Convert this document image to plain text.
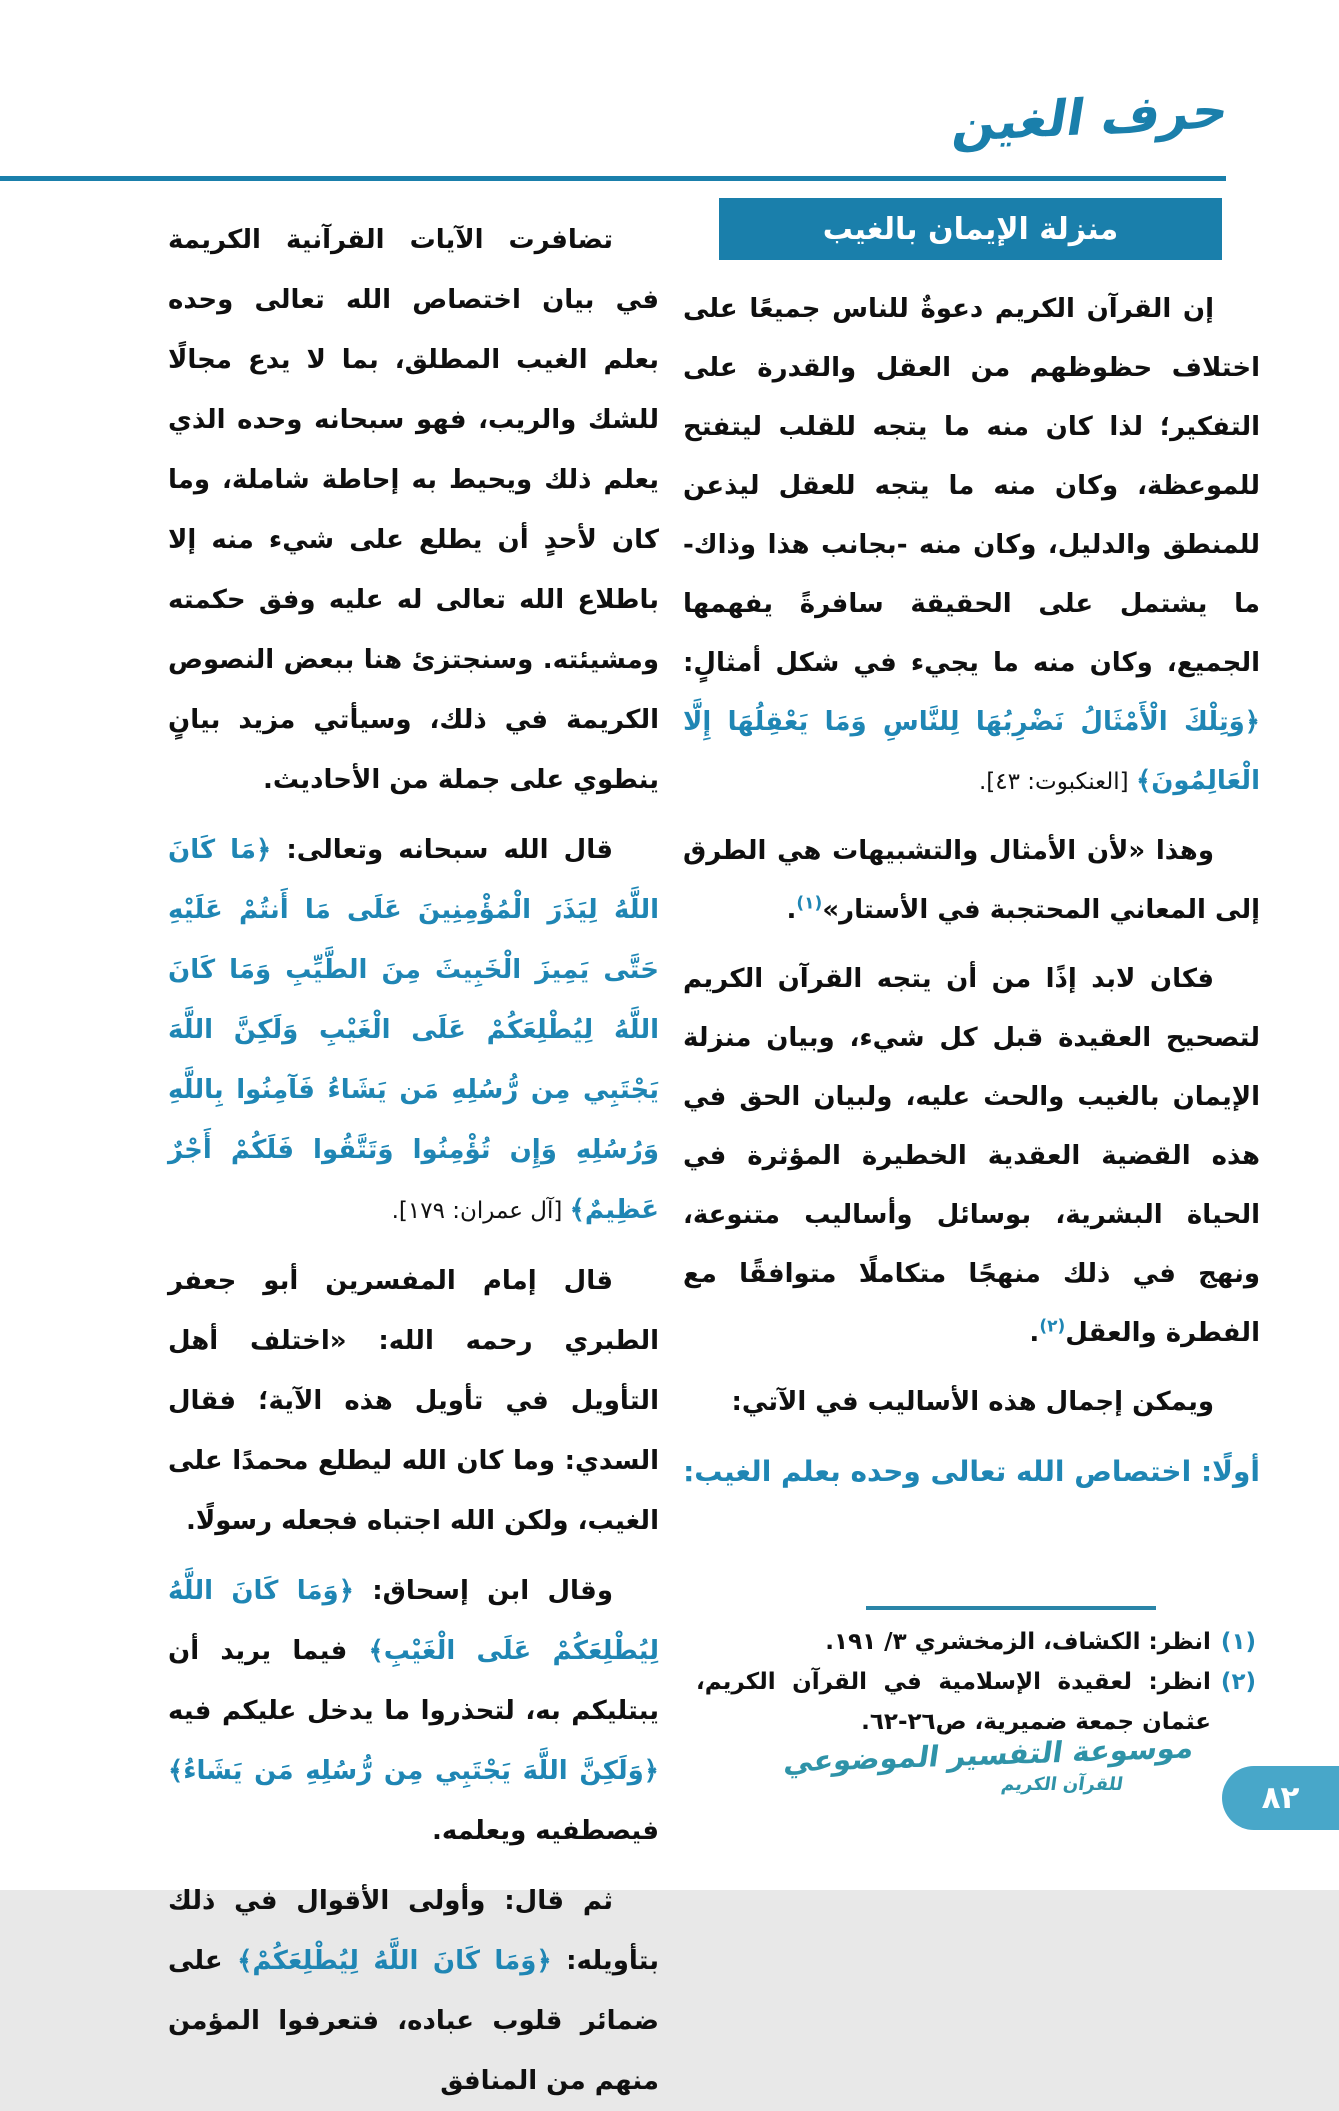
حرف الغين
منزلة الإيمان بالغيب

إن القرآن الكريم دعوةٌ للناس جميعًا على اختلاف حظوظهم من العقل والقدرة على التفكير؛ لذا كان منه ما يتجه للقلب ليتفتح للموعظة، وكان منه ما يتجه للعقل ليذعن للمنطق والدليل، وكان منه -بجانب هذا وذاك- ما يشتمل على الحقيقة سافرةً يفهمها الجميع، وكان منه ما يجيء في شكل أمثالٍ: ﴿وَتِلْكَ الْأَمْثَالُ نَضْرِبُهَا لِلنَّاسِ وَمَا يَعْقِلُهَا إِلَّا الْعَالِمُونَ﴾ [العنكبوت: ٤٣].

وهذا «لأن الأمثال والتشبيهات هي الطرق إلى المعاني المحتجبة في الأستار»$^{(١)}$.

فكان لابد إذًا من أن يتجه القرآن الكريم لتصحيح العقيدة قبل كل شيء، وبيان منزلة الإيمان بالغيب والحث عليه، ولبيان الحق في هذه القضية العقدية الخطيرة المؤثرة في الحياة البشرية، بوسائل وأساليب متنوعة، ونهج في ذلك منهجًا متكاملًا متوافقًا مع الفطرة والعقل$^{(٢)}$.

ويمكن إجمال هذه الأساليب في الآتي:

أولًا: اختصاص الله تعالى وحده بعلم الغيب:

تضافرت الآيات القرآنية الكريمة في بيان اختصاص الله تعالى وحده بعلم الغيب المطلق، بما لا يدع مجالًا للشك والريب، فهو سبحانه وحده الذي يعلم ذلك ويحيط به إحاطة شاملة، وما كان لأحدٍ أن يطلع على شيء منه إلا باطلاع الله تعالى له عليه وفق حكمته ومشيئته. وسنجتزئ هنا ببعض النصوص الكريمة في ذلك، وسيأتي مزيد بيانٍ ينطوي على جملة من الأحاديث.

قال الله سبحانه وتعالى: ﴿مَا كَانَ اللَّهُ لِيَذَرَ الْمُؤْمِنِينَ عَلَى مَا أَنتُمْ عَلَيْهِ حَتَّى يَمِيزَ الْخَبِيثَ مِنَ الطَّيِّبِ وَمَا كَانَ اللَّهُ لِيُطْلِعَكُمْ عَلَى الْغَيْبِ وَلَكِنَّ اللَّهَ يَجْتَبِي مِن رُّسُلِهِ مَن يَشَاءُ فَآمِنُوا بِاللَّهِ وَرُسُلِهِ وَإِن تُؤْمِنُوا وَتَتَّقُوا فَلَكُمْ أَجْرٌ عَظِيمٌ﴾ [آل عمران: ١٧٩].

قال إمام المفسرين أبو جعفر الطبري رحمه الله: «اختلف أهل التأويل في تأويل هذه الآية؛ فقال السدي: وما كان الله ليطلع محمدًا على الغيب، ولكن الله اجتباه فجعله رسولًا.

وقال ابن إسحاق: ﴿وَمَا كَانَ اللَّهُ لِيُطْلِعَكُمْ عَلَى الْغَيْبِ﴾ فيما يريد أن يبتليكم به، لتحذروا ما يدخل عليكم فيه ﴿وَلَكِنَّ اللَّهَ يَجْتَبِي مِن رُّسُلِهِ مَن يَشَاءُ﴾ فيصطفيه ويعلمه.

ثم قال: وأولى الأقوال في ذلك بتأويله: ﴿وَمَا كَانَ اللَّهُ لِيُطْلِعَكُمْ﴾ على ضمائر قلوب عباده، فتعرفوا المؤمن منهم من المنافق

(١)
انظر: الكشاف، الزمخشري ٣/ ١٩١.
(٢)
انظر: لعقيدة الإسلامية في القرآن الكريم، عثمان جمعة ضميرية، ص٢٦-٦٢.
موسوعة التفسير الموضوعي
للقرآن الكريم	٨٢
